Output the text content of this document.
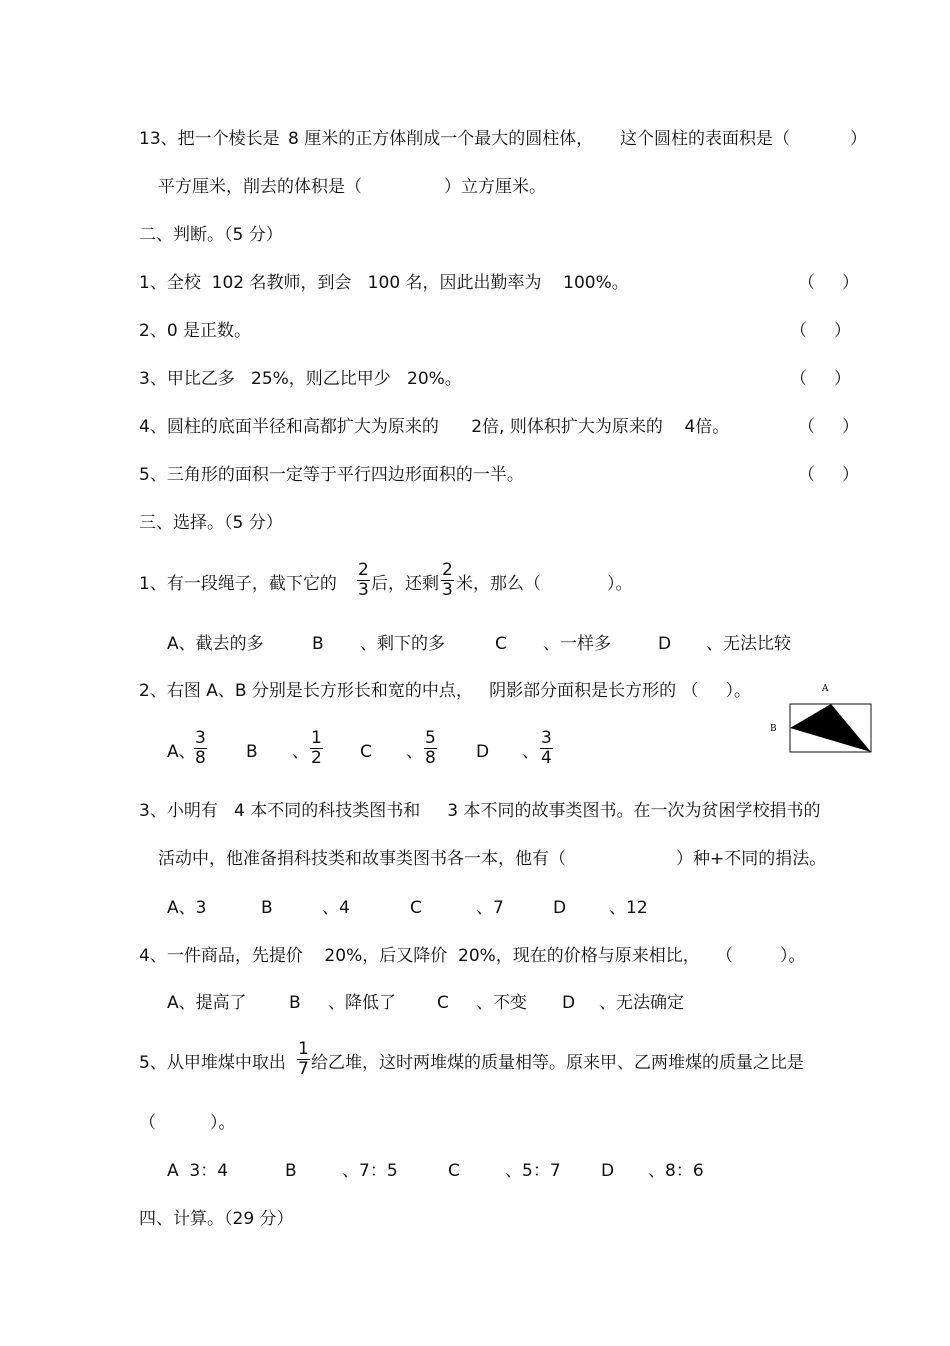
13、把一个棱长是 8 厘米的正方体削成一个最大的圆柱体， 这个圆柱的表面积是（	）
平方厘米，削去的体积是（	）立方厘米。
二、判断。（5 分）
1、全校  102 名教师，到会   100 名，因此出勤率为    100%。	（     ）
2、0 是正数。	（     ）
3、甲比乙多   25%，则乙比甲少   20%。	（     ）
4、圆柱的底面半径和高都扩大为原来的      2倍, 则体积扩大为原来的    4倍。	（     ）
5、三角形的面积一定等于平行四边形面积的一半。	（     ）
三、选择。（5 分）
1、有一段绳子，截下它的 $\frac{2}{3}$ 后，还剩 $\frac{2}{3}$ 米，那么（	）。
A、截去的多	B 、剩下的多	C 、一样多	D 、无法比较
2、右图 A、B 分别是长方形长和宽的中点，   阴影部分面积是长方形的 （     ）。	A
B
A、
$\frac{3}{8}$ B 、 $\frac{1}{2}$ C 、 $\frac{5}{8}$ D 、 $\frac{3}{4}$
3、小明有   4 本不同的科技类图书和     3 本不同的故事类图书。在一次为贫困学校捐书的
活动中，他准备捐科技类和故事类图书各一本，他有（	）种+不同的捐法。
A、3	B	、4	C	、7	D	、12
4、一件商品，先提价    20%，后又降价  20%，现在的价格与原来相比，   （	）。
A、提高了 B 、降低了 C 、不变 D 、无法确定
5、从甲堆煤中取出 $\frac{1}{7}$ 给乙堆，这时两堆煤的质量相等。原来甲、乙两堆煤的质量之比是
（          ）。
A  3：4	B	、7：5	C	、5：7 D 、8：6
四、计算。（29 分）
